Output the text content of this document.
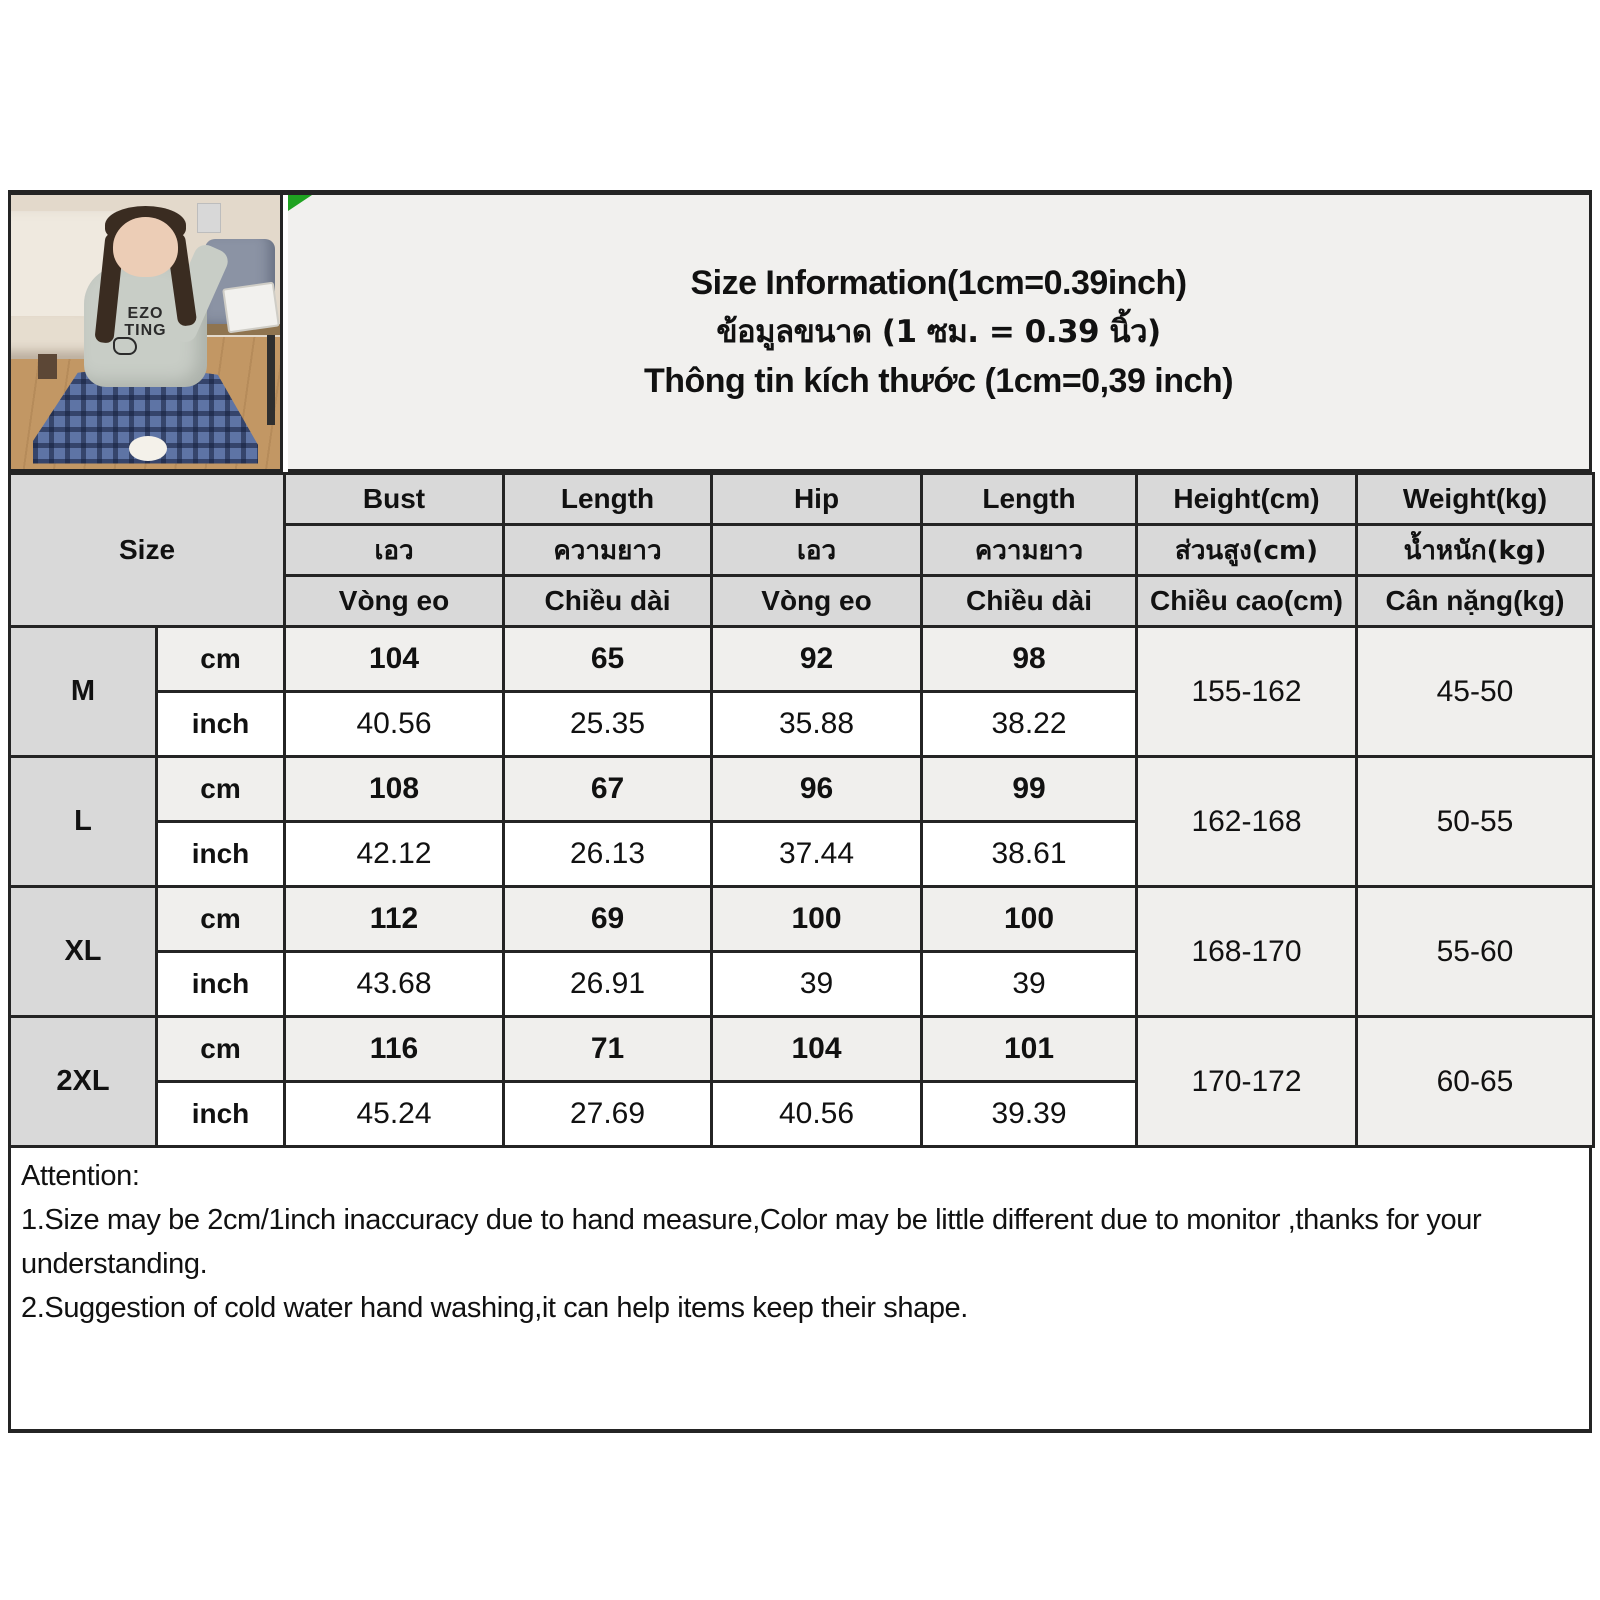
EZO
TING
Size Information(1cm=0.39inch)
ข้อมูลขนาด (1 ซม. = 0.39 นิ้ว)
Thông tin kích thước (1cm=0,39 inch)
Size		Bust	Length	Hip	Length	Height(cm)	Weight(kg)
		เอว	ความยาว	เอว	ความยาว	ส่วนสูง(cm)	น้ำหนัก(kg)
		Vòng eo	Chiều dài	Vòng eo	Chiều dài	Chiều cao(cm)	Cân nặng(kg)
M	cm	104	65	92	98	155-162	45-50
	inch	40.56	25.35	35.88	38.22		
L	cm	108	67	96	99	162-168	50-55
	inch	42.12	26.13	37.44	38.61		
XL	cm	112	69	100	100	168-170	55-60
	inch	43.68	26.91	39	39		
2XL	cm	116	71	104	101	170-172	60-65
	inch	45.24	27.69	40.56	39.39		
Attention:
1.Size may be 2cm/1inch inaccuracy due to hand measure,Color may be little different due to monitor ,thanks for your understanding.
2.Suggestion of cold water hand washing,it can help items keep their shape.
